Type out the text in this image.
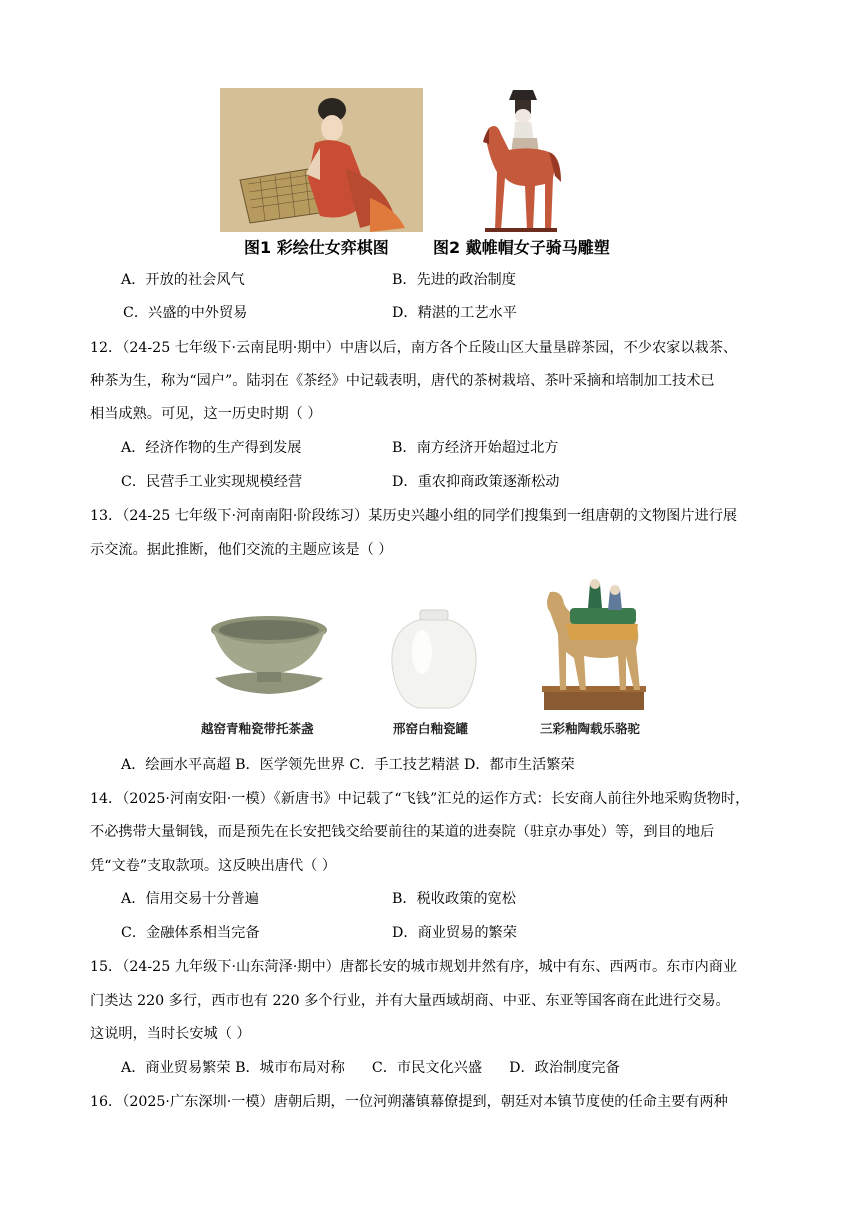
图1 彩绘仕女弈棋图	图2 戴帷帽女子骑马雕塑
A．开放的社会风气	B．先进的政治制度
C．兴盛的中外贸易	D．精湛的工艺水平
12．（24-25 七年级下·云南昆明·期中）中唐以后，南方各个丘陵山区大量垦辟茶园，不少农家以栽茶、
种茶为生，称为“园户”。陆羽在《茶经》中记载表明，唐代的茶树栽培、茶叶采摘和培制加工技术已
相当成熟。可见，这一历史时期（ ）
A．经济作物的生产得到发展	B．南方经济开始超过北方
C．民营手工业实现规模经营	D．重农抑商政策逐渐松动
13．（24-25 七年级下·河南南阳·阶段练习）某历史兴趣小组的同学们搜集到一组唐朝的文物图片进行展
示交流。据此推断，他们交流的主题应该是（ ）
越窑青釉瓷带托茶盏	邢窑白釉瓷罐	三彩釉陶载乐骆驼
A．绘画水平高超 B．医学领先世界 C．手工技艺精湛 D．都市生活繁荣
14．（2025·河南安阳·一模）《新唐书》中记载了“飞钱”汇兑的运作方式：长安商人前往外地采购货物时，
不必携带大量铜钱，而是预先在长安把钱交给要前往的某道的进奏院（驻京办事处）等，到目的地后
凭“文卷”支取款项。这反映出唐代（ ）
A．信用交易十分普遍	B．税收政策的宽松
C．金融体系相当完备	D．商业贸易的繁荣
15．（24-25 九年级下·山东菏泽·期中）唐都长安的城市规划井然有序，城中有东、西两市。东市内商业
门类达 220 多行，西市也有 220 多个行业，并有大量西域胡商、中亚、东亚等国客商在此进行交易。
这说明，当时长安城（ ）
A．商业贸易繁荣 B．城市布局对称      C．市民文化兴盛      D．政治制度完备
16．（2025·广东深圳·一模）唐朝后期，一位河朔藩镇幕僚提到，朝廷对本镇节度使的任命主要有两种
